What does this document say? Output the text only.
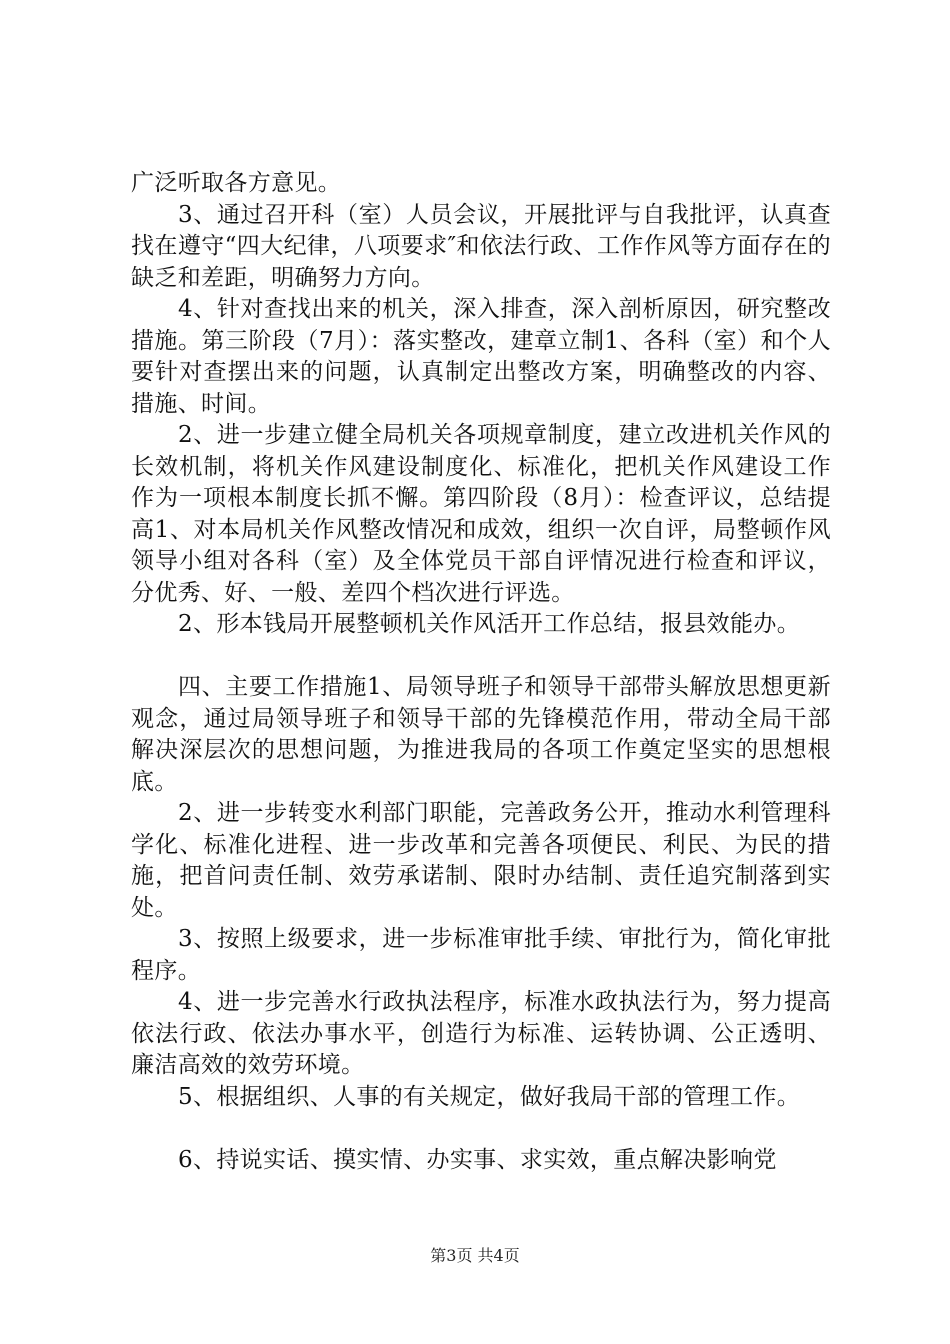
广泛听取各方意见。

3、通过召开科（室）人员会议，开展批评与自我批评，认真查找在遵守“四大纪律，八项要求″和依法行政、工作作风等方面存在的缺乏和差距，明确努力方向。

4、针对查找出来的机关，深入排查，深入剖析原因，研究整改措施。第三阶段（7月）：落实整改，建章立制1、各科（室）和个人要针对查摆出来的问题，认真制定出整改方案，明确整改的内容、措施、时间。

2、进一步建立健全局机关各项规章制度，建立改进机关作风的长效机制，将机关作风建设制度化、标准化，把机关作风建设工作作为一项根本制度长抓不懈。第四阶段（8月）：检查评议，总结提高1、对本局机关作风整改情况和成效，组织一次自评，局整顿作风领导小组对各科（室）及全体党员干部自评情况进行检查和评议，分优秀、好、一般、差四个档次进行评选。

2、形本钱局开展整顿机关作风活开工作总结，报县效能办。

四、主要工作措施1、局领导班子和领导干部带头解放思想更新观念，通过局领导班子和领导干部的先锋模范作用，带动全局干部解决深层次的思想问题，为推进我局的各项工作奠定坚实的思想根底。

2、进一步转变水利部门职能，完善政务公开，推动水利管理科学化、标准化进程、进一步改革和完善各项便民、利民、为民的措施，把首问责任制、效劳承诺制、限时办结制、责任追究制落到实处。

3、按照上级要求，进一步标准审批手续、审批行为，简化审批程序。

4、进一步完善水行政执法程序，标准水政执法行为，努力提高依法行政、依法办事水平，创造行为标准、运转协调、公正透明、廉洁高效的效劳环境。

5、根据组织、人事的有关规定，做好我局干部的管理工作。

6、持说实话、摸实情、办实事、求实效，重点解决影响党

第3页 共4页
